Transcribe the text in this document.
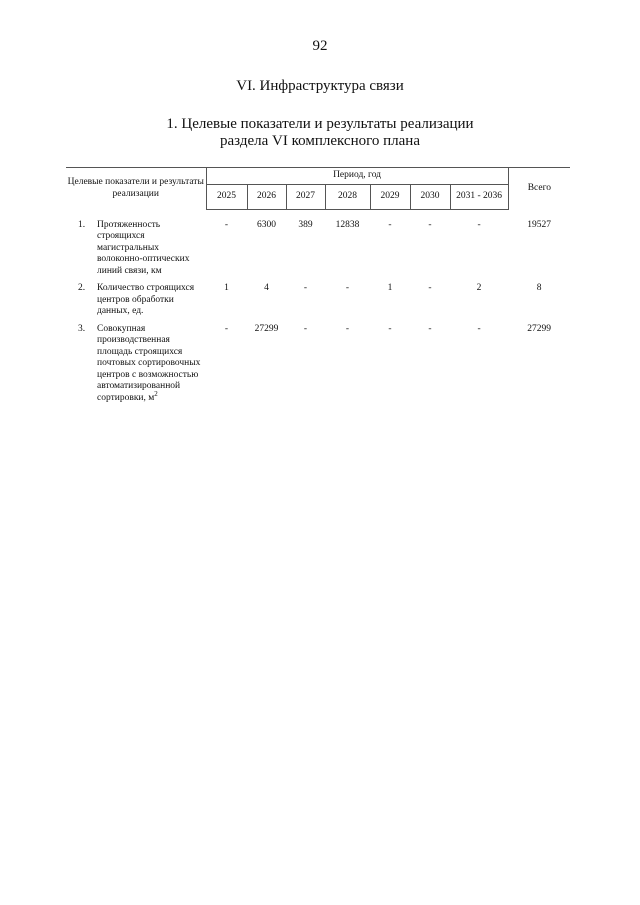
92
VI. Инфраструктура связи
1. Целевые показатели и результаты реализации
раздела VI комплексного плана
Целевые показатели и результаты реализации		Период, год							Всего
		2025	2026	2027	2028	2029	2030	2031 - 2036	
1.	Протяженность строящихся магистральных волоконно-оптических линий связи, км	-	6300	389	12838	-	-	-	19527
2.	Количество строящихся центров обработки данных, ед.	1	4	-	-	1	-	2	8
3.	Совокупная производственная площадь строящихся почтовых сортировочных центров с возможностью автоматизированной сортировки, $м^2$	-	27299	-	-	-	-	-	27299
